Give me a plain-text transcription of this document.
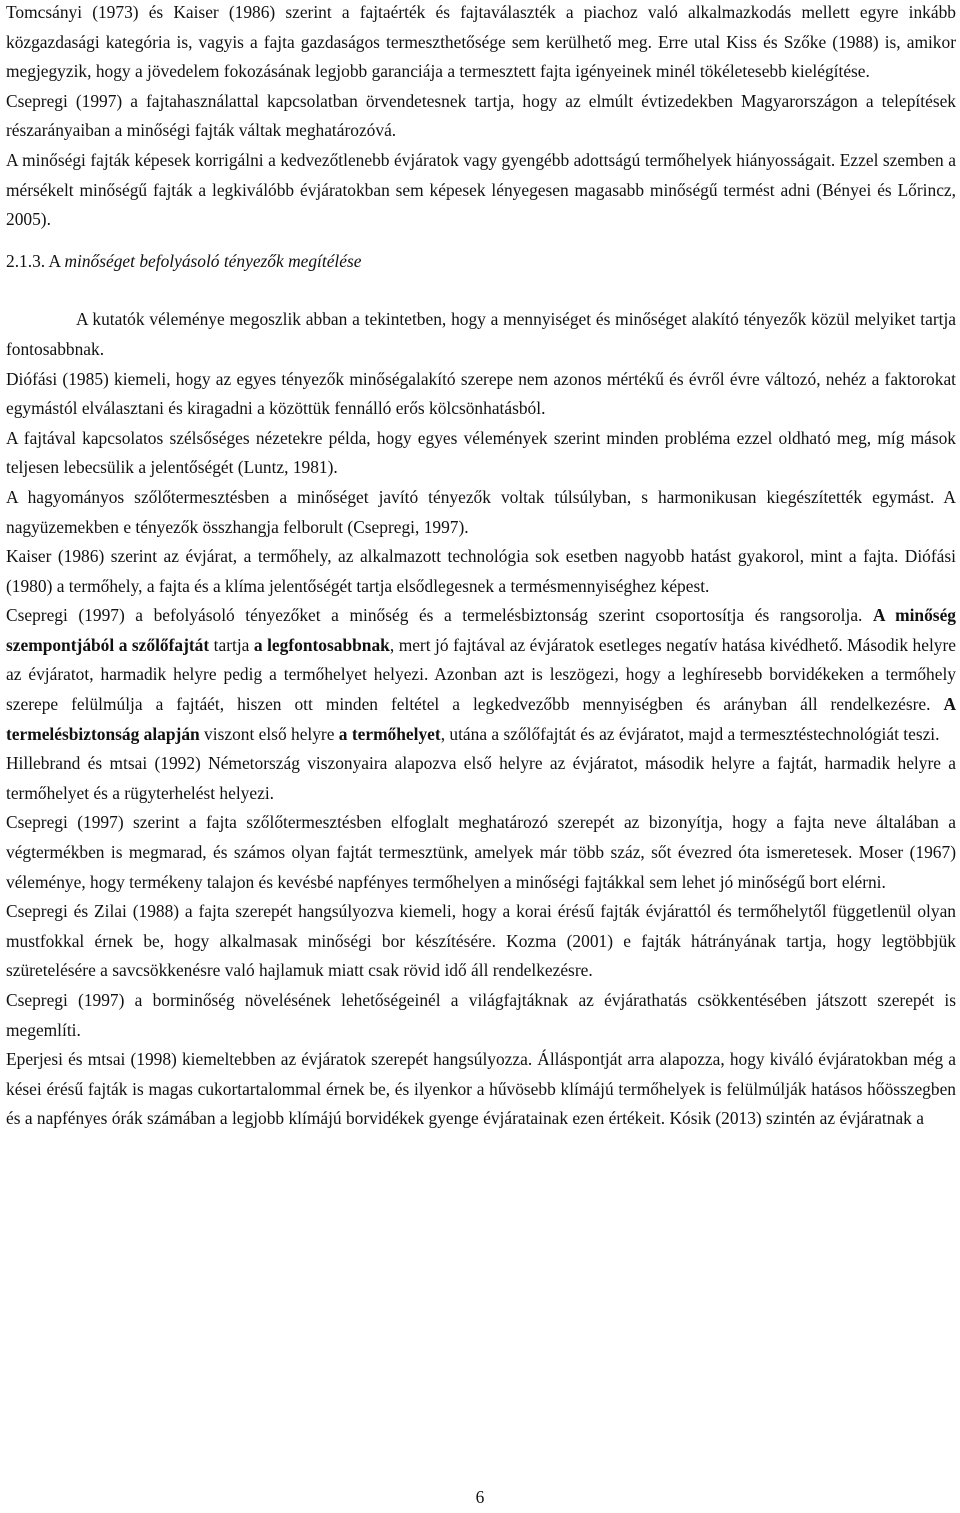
Tomcsányi (1973) és Kaiser (1986) szerint a fajtaérték és fajtaválaszték a piachoz való alkalmazkodás mellett egyre inkább közgazdasági kategória is, vagyis a fajta gazdaságos termeszthetősége sem kerülhető meg. Erre utal Kiss és Szőke (1988) is, amikor megjegyzik, hogy a jövedelem fokozásának legjobb garanciája a termesztett fajta igényeinek minél tökéletesebb kielégítése.

Csepregi (1997) a fajtahasználattal kapcsolatban örvendetesnek tartja, hogy az elmúlt évtizedekben Magyarországon a telepítések részarányaiban a minőségi fajták váltak meghatározóvá.

A minőségi fajták képesek korrigálni a kedvezőtlenebb évjáratok vagy gyengébb adottságú termőhelyek hiányosságait. Ezzel szemben a mérsékelt minőségű fajták a legkiválóbb évjáratokban sem képesek lényegesen magasabb minőségű termést adni (Bényei és Lőrincz, 2005).

2.1.3. A minőséget befolyásoló tényezők megítélése

A kutatók véleménye megoszlik abban a tekintetben, hogy a mennyiséget és minőséget alakító tényezők közül melyiket tartja fontosabbnak.

Diófási (1985) kiemeli, hogy az egyes tényezők minőségalakító szerepe nem azonos mértékű és évről évre változó, nehéz a faktorokat egymástól elválasztani és kiragadni a közöttük fennálló erős kölcsönhatásból.

A fajtával kapcsolatos szélsőséges nézetekre példa, hogy egyes vélemények szerint minden probléma ezzel oldható meg, míg mások teljesen lebecsülik a jelentőségét (Luntz, 1981).

A hagyományos szőlőtermesztésben a minőséget javító tényezők voltak túlsúlyban, s harmonikusan kiegészítették egymást. A nagyüzemekben e tényezők összhangja felborult (Csepregi, 1997).

Kaiser (1986) szerint az évjárat, a termőhely, az alkalmazott technológia sok esetben nagyobb hatást gyakorol, mint a fajta. Diófási (1980) a termőhely, a fajta és a klíma jelentőségét tartja elsődlegesnek a termésmennyiséghez képest.

Csepregi (1997) a befolyásoló tényezőket a minőség és a termelésbiztonság szerint csoportosítja és rangsorolja. A minőség szempontjából a szőlőfajtát tartja a legfontosabbnak, mert jó fajtával az évjáratok esetleges negatív hatása kivédhető. Második helyre az évjáratot, harmadik helyre pedig a termőhelyet helyezi. Azonban azt is leszögezi, hogy a leghíresebb borvidékeken a termőhely szerepe felülmúlja a fajtáét, hiszen ott minden feltétel a legkedvezőbb mennyiségben és arányban áll rendelkezésre. A termelésbiztonság alapján viszont első helyre a termőhelyet, utána a szőlőfajtát és az évjáratot, majd a termesztéstechnológiát teszi.

Hillebrand és mtsai (1992) Németország viszonyaira alapozva első helyre az évjáratot, második helyre a fajtát, harmadik helyre a termőhelyet és a rügyterhelést helyezi.

Csepregi (1997) szerint a fajta szőlőtermesztésben elfoglalt meghatározó szerepét az bizonyítja, hogy a fajta neve általában a végtermékben is megmarad, és számos olyan fajtát termesztünk, amelyek már több száz, sőt évezred óta ismeretesek. Moser (1967) véleménye, hogy termékeny talajon és kevésbé napfényes termőhelyen a minőségi fajtákkal sem lehet jó minőségű bort elérni.

Csepregi és Zilai (1988) a fajta szerepét hangsúlyozva kiemeli, hogy a korai érésű fajták évjárattól és termőhelytől függetlenül olyan mustfokkal érnek be, hogy alkalmasak minőségi bor készítésére. Kozma (2001) e fajták hátrányának tartja, hogy legtöbbjük szüretelésére a savcsökkenésre való hajlamuk miatt csak rövid idő áll rendelkezésre.

Csepregi (1997) a borminőség növelésének lehetőségeinél a világfajtáknak az évjárathatás csökkentésében játszott szerepét is megemlíti.

Eperjesi és mtsai (1998) kiemeltebben az évjáratok szerepét hangsúlyozza. Álláspontját arra alapozza, hogy kiváló évjáratokban még a kései érésű fajták is magas cukortartalommal érnek be, és ilyenkor a hűvösebb klímájú termőhelyek is felülmúlják hatásos hőösszegben és a napfényes órák számában a legjobb klímájú borvidékek gyenge évjáratainak ezen értékeit. Kósik (2013) szintén az évjáratnak a

6
